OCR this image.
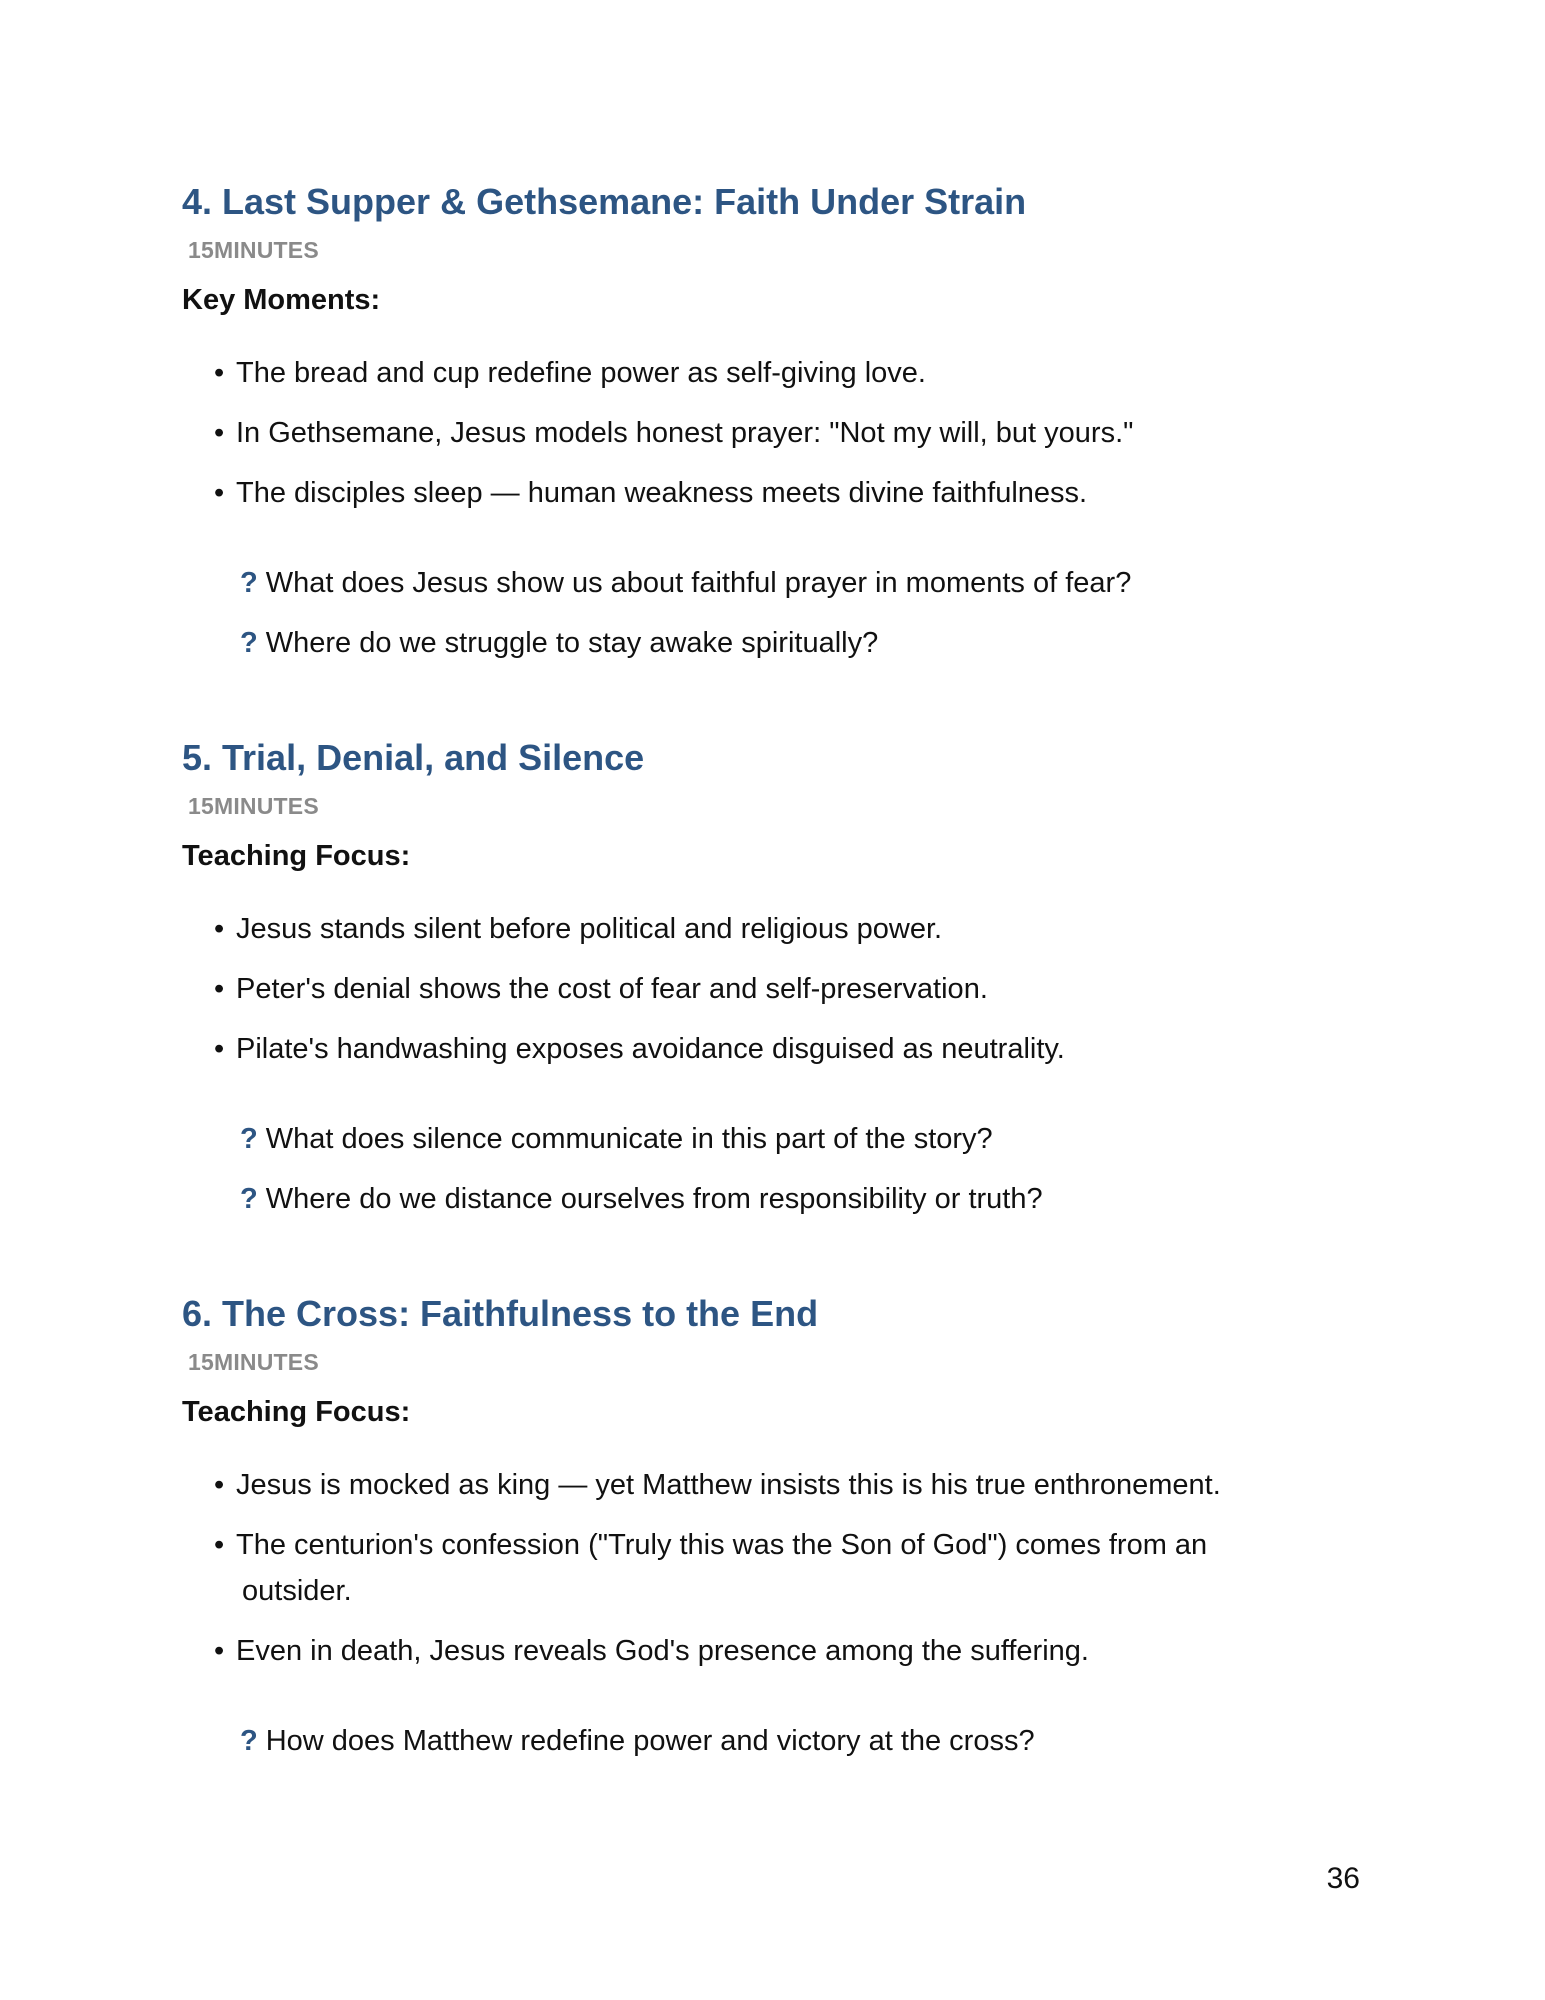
4. Last Supper & Gethsemane: Faith Under Strain
15MINUTES
Key Moments:
• The bread and cup redefine power as self-giving love.
• In Gethsemane, Jesus models honest prayer: "Not my will, but yours."
• The disciples sleep — human weakness meets divine faithfulness.
? What does Jesus show us about faithful prayer in moments of fear?
? Where do we struggle to stay awake spiritually?
5. Trial, Denial, and Silence
15MINUTES
Teaching Focus:
• Jesus stands silent before political and religious power.
• Peter's denial shows the cost of fear and self-preservation.
• Pilate's handwashing exposes avoidance disguised as neutrality.
? What does silence communicate in this part of the story?
? Where do we distance ourselves from responsibility or truth?
6. The Cross: Faithfulness to the End
15MINUTES
Teaching Focus:
• Jesus is mocked as king — yet Matthew insists this is his true enthronement.
• The centurion's confession ("Truly this was the Son of God") comes from an
outsider.
• Even in death, Jesus reveals God's presence among the suffering.
? How does Matthew redefine power and victory at the cross?
36
